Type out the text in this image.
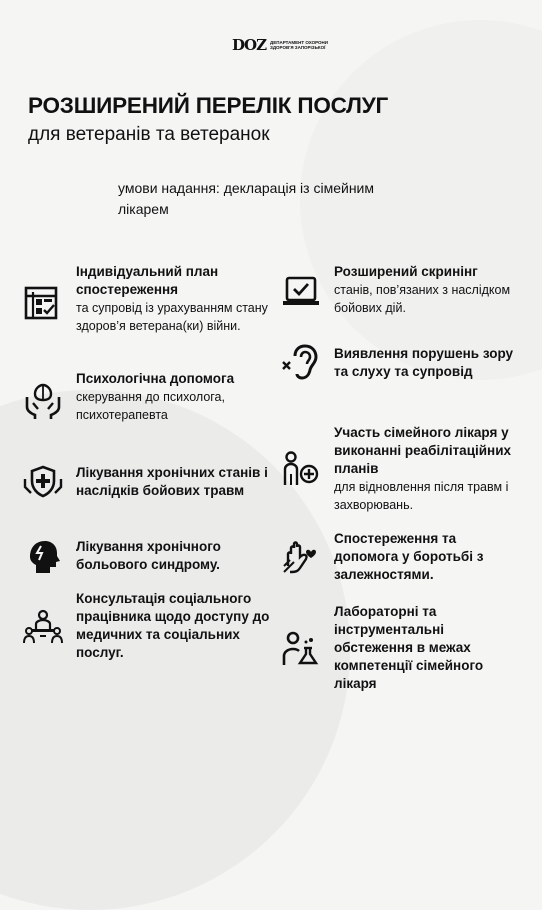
DOZ ДЕПАРТАМЕНТ ОХОРОНИ ЗДОРОВ'Я ЗАПОРІЗЬКОЇ
РОЗШИРЕНИЙ ПЕРЕЛІК ПОСЛУГ
для ветеранів та ветеранок
умови надання: декларація із сімейним лікарем
Індивідуальний план спостереження
та супровід із урахуванням стану здоров’я ветерана(ки) війни.
Психологічна допомога
скерування до психолога, психотерапевта
Лікування хронічних станів і наслідків бойових травм
Лікування хронічного больового синдрому.
Консультація соціального працівника щодо доступу до медичних та соціальних послуг.
Розширений скринінг
станів, пов’язаних з наслідком бойових дій.
Виявлення порушень зору та слуху та супровід
Участь сімейного лікаря у виконанні реабілітаційних планів
для відновлення після травм і захворювань.
Спостереження та допомога у боротьбі з залежностями.
Лабораторні та інструментальні обстеження в межах компетенції сімейного лікаря
